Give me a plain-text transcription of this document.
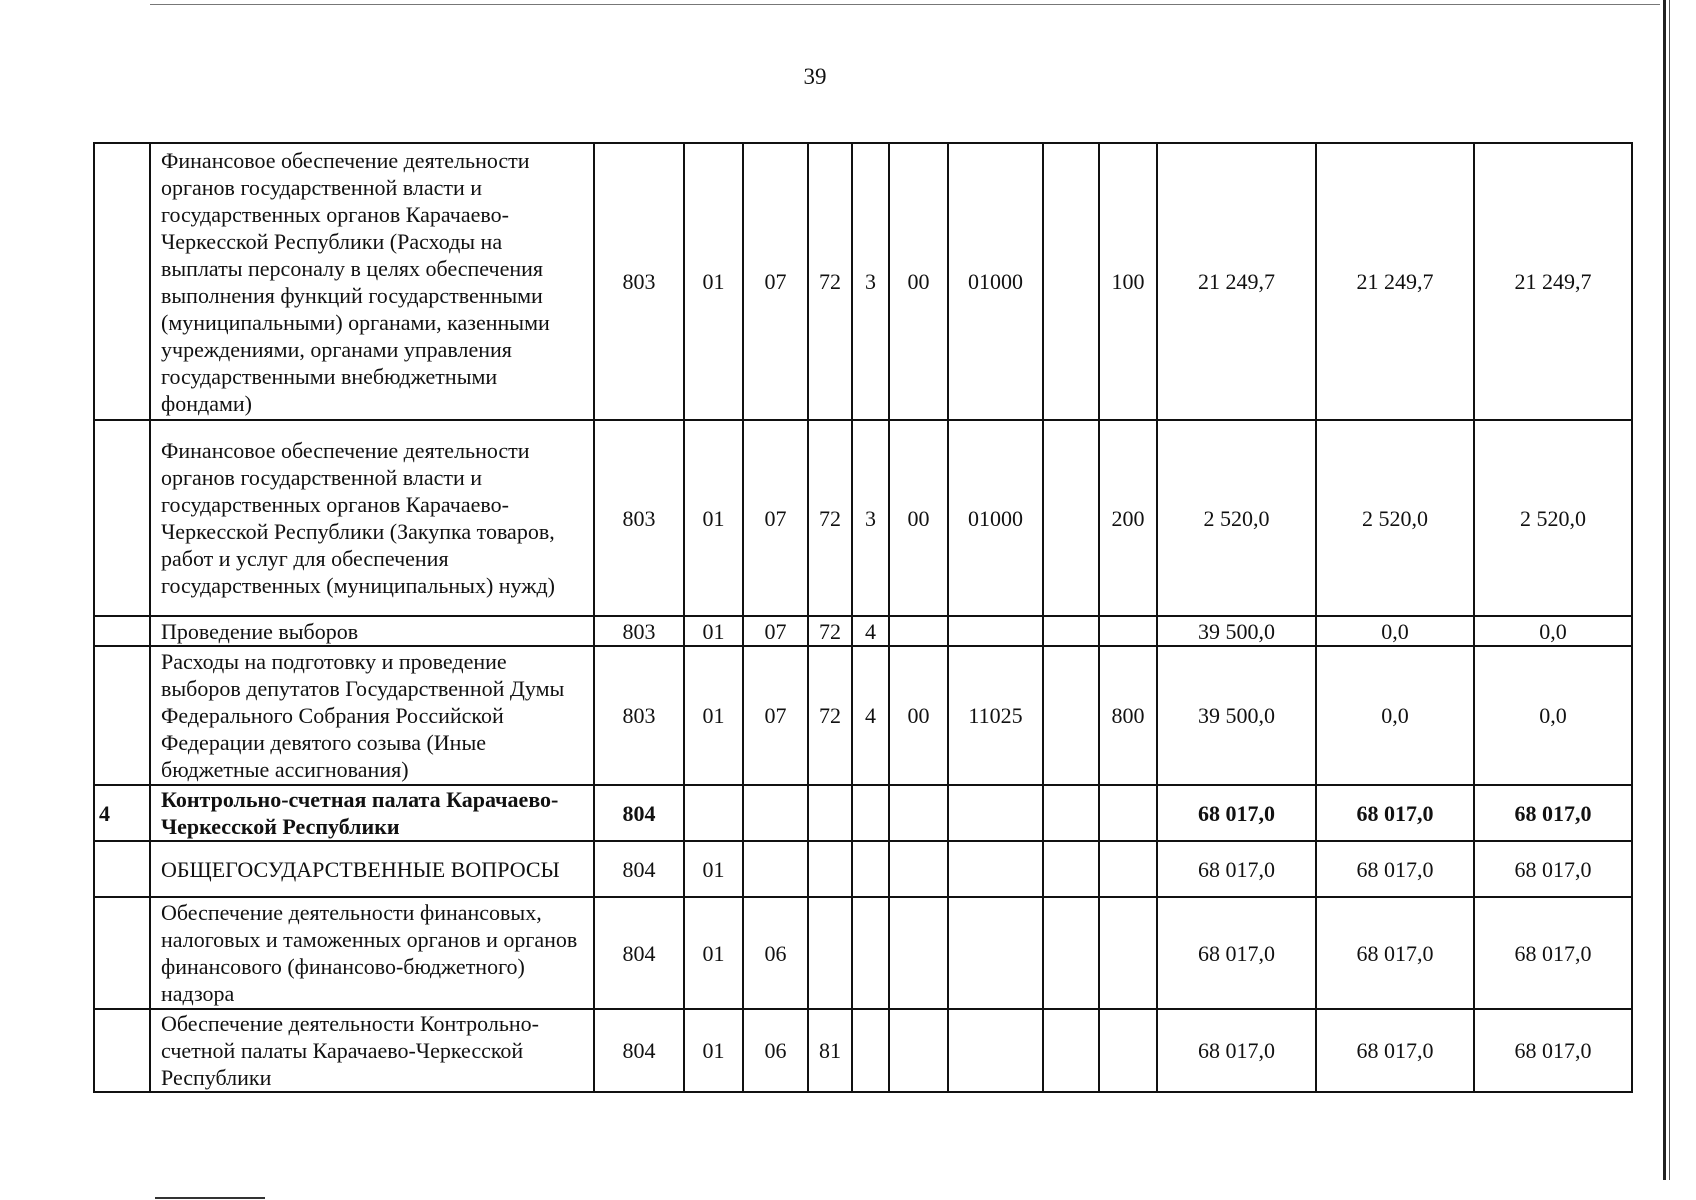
39
	Финансовое обеспечение деятельности органов государственной власти и государственных органов Карачаево-Черкесской Республики (Расходы на выплаты персоналу в целях обеспечения выполнения функций государственными (муниципальными) органами, казенными учреждениями, органами управления государственными внебюджетными фондами)	803	01	07	72	3	00	01000		100	21 249,7	21 249,7	21 249,7
	Финансовое обеспечение деятельности органов государственной власти и государственных органов Карачаево-Черкесской Республики (Закупка товаров, работ и услуг для обеспечения государственных (муниципальных) нужд)	803	01	07	72	3	00	01000		200	2 520,0	2 520,0	2 520,0
	Проведение выборов	803	01	07	72	4					39 500,0	0,0	0,0
	Расходы на подготовку и проведение выборов депутатов Государственной Думы Федерального Собрания Российской Федерации девятого созыва (Иные бюджетные ассигнования)	803	01	07	72	4	00	11025		800	39 500,0	0,0	0,0
4	Контрольно-счетная палата Карачаево-Черкесской Республики	804									68 017,0	68 017,0	68 017,0
	ОБЩЕГОСУДАРСТВЕННЫЕ ВОПРОСЫ	804	01								68 017,0	68 017,0	68 017,0
	Обеспечение деятельности финансовых, налоговых и таможенных органов и органов финансового (финансово-бюджетного) надзора	804	01	06							68 017,0	68 017,0	68 017,0
	Обеспечение деятельности Контрольно-счетной палаты Карачаево-Черкесской Республики	804	01	06	81						68 017,0	68 017,0	68 017,0
